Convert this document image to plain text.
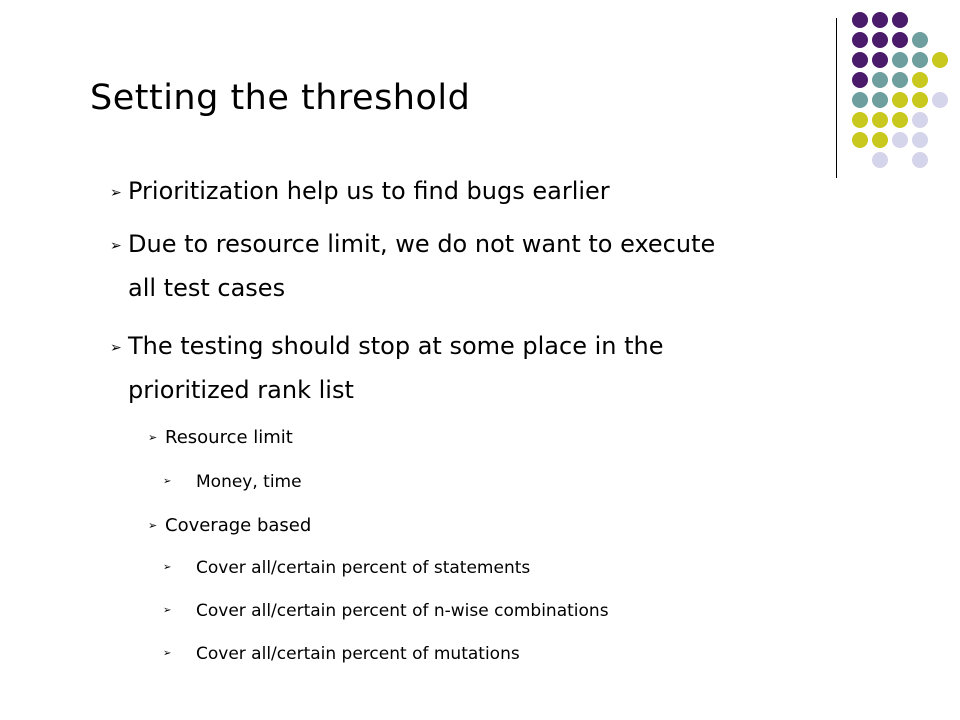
Setting the threshold
➢ Prioritization help us to find bugs earlier
➢ Due to resource limit, we do not want to execute
all test cases
➢ The testing should stop at some place in the
prioritized rank list
➢ Resource limit
➢ Money, time
➢ Coverage based
➢ Cover all/certain percent of statements
➢ Cover all/certain percent of n-wise combinations
➢ Cover all/certain percent of mutations
